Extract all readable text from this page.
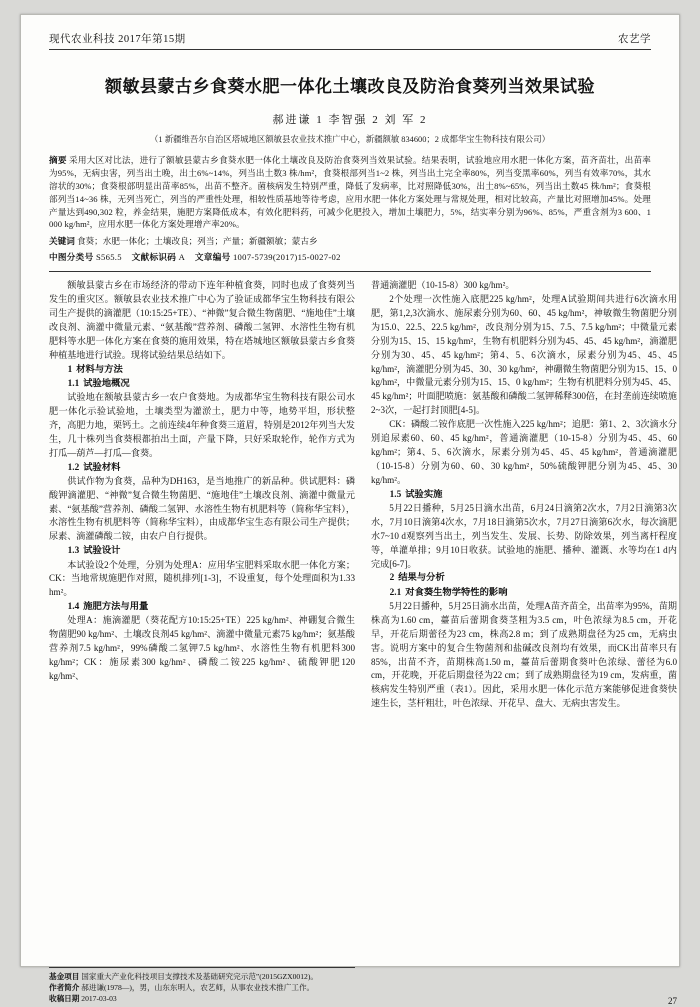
现代农业科技 2017年第15期	农艺学
额敏县蒙古乡食葵水肥一体化土壤改良及防治食葵列当效果试验
郝进谦 1 李智强 2 刘 军 2
（1 新疆维吾尔自治区塔城地区额敏县农业技术推广中心，新疆额敏 834600；2 成都华宝生物科技有限公司）
摘要 采用大区对比法，进行了额敏县蒙古乡食葵水肥一体化土壤改良及防治食葵列当效果试验。结果表明，试验地应用水肥一体化方案，苗齐苗壮，出苗率为95%，无病虫害，列当出土晚，出土6%~14%，列当出土数3 株/hm²，食葵根部列当1~2 株，列当出土完全率80%，列当变黑率60%，列当有效率70%，其水溶状的30%；食葵根部明显出苗率85%，出苗不整齐。菌核病发生特别严重，降低了发病率，比对照降低30%，出土8%~65%，列当出土数45 株/hm²；食葵根部列当14~36 株，无列当死亡，列当的严重性处理，相较性质基地等待考虑，应用水肥一体化方案处理与常规处理，相对比较高，产量比对照增加45%。处理产量达到490,302 粒，养金结果，施肥方案降低成本，有效化肥料药，可减少化肥投入，增加土壤肥力，5%，结实率分别为96%、85%，严重含剂为3 600、1 000 kg/hm²，应用水肥一体化方案处理增产率20%。
关键词 食葵；水肥一体化；土壤改良；列当；产量；新疆额敏；蒙古乡
中图分类号 S565.5 文献标识码 A 文章编号 1007-5739(2017)15-0027-02

额敏县蒙古乡在市场经济的带动下连年种植食葵，同时也成了食葵列当发生的重灾区。额敏县农业技术推广中心为了验证成都华宝生物科技有限公司生产提供的滴灌肥（10:15:25+TE）、“神微”复合微生物菌肥、“施地佳”土壤改良剂、滴灌中微量元素、“氨基酸”营养剂、磷酸二氢钾、水溶性生物有机肥料等水肥一体化方案在食葵的施用效果，特在塔城地区额敏县蒙古乡食葵种植基地进行试验。现将试验结果总结如下。

1 材料与方法

1.1 试验地概况

试验地在额敏县蒙古乡一农户食葵地。为成都华宝生物科技有限公司水肥一体化示验试验地，土壤类型为灌淤土，肥力中等，地势平坦，形状整齐，高肥力地，栗钙土。之前连续4年种食葵三道眉，特别是2012年列当大发生，几十株列当食葵根都拍出土面，产量下降，只好采取轮作，轮作方式为打瓜—葫芦—打瓜—食葵。

1.2 试验材料

供试作物为食葵，品种为DH163，是当地推广的新品种。供试肥料：磷酸钾滴灌肥、“神微”复合微生物菌肥、“施地佳”土壤改良剂、滴灌中微量元素、“氨基酸”营养剂、磷酸二氢钾、水溶性生物有机肥料等（简称华宝料），水溶性生物有机肥料等（简称华宝料），由成都华宝生态有限公司生产提供；尿素、滴灌磷酸二铵，由农户自行提供。

1.3 试验设计

本试验设2个处理，分别为处理A：应用华宝肥料采取水肥一体化方案；CK：当地常规施肥作对照，随机排列[1-3]，不设重复，每个处理面积为1.33 hm²。

1.4 施肥方法与用量

处理A：施滴灌肥（葵花配方10:15:25+TE）225 kg/hm²、神硼复合微生物菌肥90 kg/hm²、土壤改良剂45 kg/hm²、滴灌中微量元素75 kg/hm²；氨基酸营养剂7.5 kg/hm²，99%磷酸二氢钾7.5 kg/hm²、水溶性生物有机肥料300 kg/hm²；CK：施尿素300 kg/hm²、磷酸二铵225 kg/hm²、硫酸钾肥120 kg/hm²、

基金项目 国家重大产业化科技项目支撑技术及基础研究完示范”(2015GZX0012)。

作者简介 郝进谦(1978—)，男，山东东明人，农艺师，从事农业技术推广工作。

收稿日期 2017-03-03

普通滴灌肥（10-15-8）300 kg/hm²。

2个处理一次性施入底肥225 kg/hm²，处理A试验期间共进行6次滴水用肥，第1,2,3次滴水、施尿素分别为60、60、45 kg/hm²，神敏微生物菌肥分别为15.0、22.5、22.5 kg/hm²，改良剂分别为15、7.5、7.5 kg/hm²；中微量元素分别为15、15、15 kg/hm²，生物有机肥料分别为45、45、45 kg/hm²，滴灌肥分别为30、45、45 kg/hm²；第4、5、6次滴水，尿素分别为45、45、45 kg/hm²，滴灌肥分别为45、30、30 kg/hm²，神硼微生物菌肥分别为15、15、0 kg/hm²，中微量元素分别为15、15、0 kg/hm²；生物有机肥料分别为45、45、45 kg/hm²；叶面肥喷施：氨基酸和磷酸二氢钾稀释300倍，在封垄前连续喷施2~3次，一起打封顶肥[4-5]。

CK：磷酸二铵作底肥一次性施入225 kg/hm²；追肥：第1、2、3次滴水分别追尿素60、60、45 kg/hm²，普通滴灌肥（10-15-8）分别为45、45、60 kg/hm²；第4、5、6次滴水，尿素分别为45、45、45 kg/hm²，普通滴灌肥（10-15-8）分别为60、60、30 kg/hm²，50%硫酸钾肥分别为45、45、30 kg/hm²。

1.5 试验实施

5月22日播种，5月25日滴水出苗，6月24日滴第2次水，7月2日滴第3次水，7月10日滴第4次水，7月18日滴第5次水，7月27日滴第6次水，每次滴肥水7~10 d观察列当出土，列当发生、发展、长势、防除效果，列当离杆程度等，单灌单排；9月10日收获。试验地的施肥、播种、灌溉、水等均在1 d内完成[6-7]。

2 结果与分析

2.1 对食葵生物学特性的影响

5月22日播种，5月25日滴水出苗，处理A苗齐苗全，出苗率为95%，苗期株高为1.60 cm，薹苗后蕾期食葵茎粗为3.5 cm，叶色浓绿为8.5 cm，开花早，开花后期蕾径为23 cm，株高2.8 m；到了成熟期盘径为25 cm，无病虫害。说明方案中的复合生物菌剂和盐碱改良剂均有效果，而CK出苗率只有85%，出苗不齐，苗期株高1.50 m，薹苗后蕾期食葵叶色浓绿、蕾径为6.0 cm，开花晚，开花后期盘径为22 cm；到了成熟期盘径为19 cm，发病重，菌核病发生特别严重（表1）。因此，采用水肥一体化示范方案能够促进食葵快速生长，茎杆粗壮，叶色浓绿、开花早、盘大、无病虫害发生。

27
